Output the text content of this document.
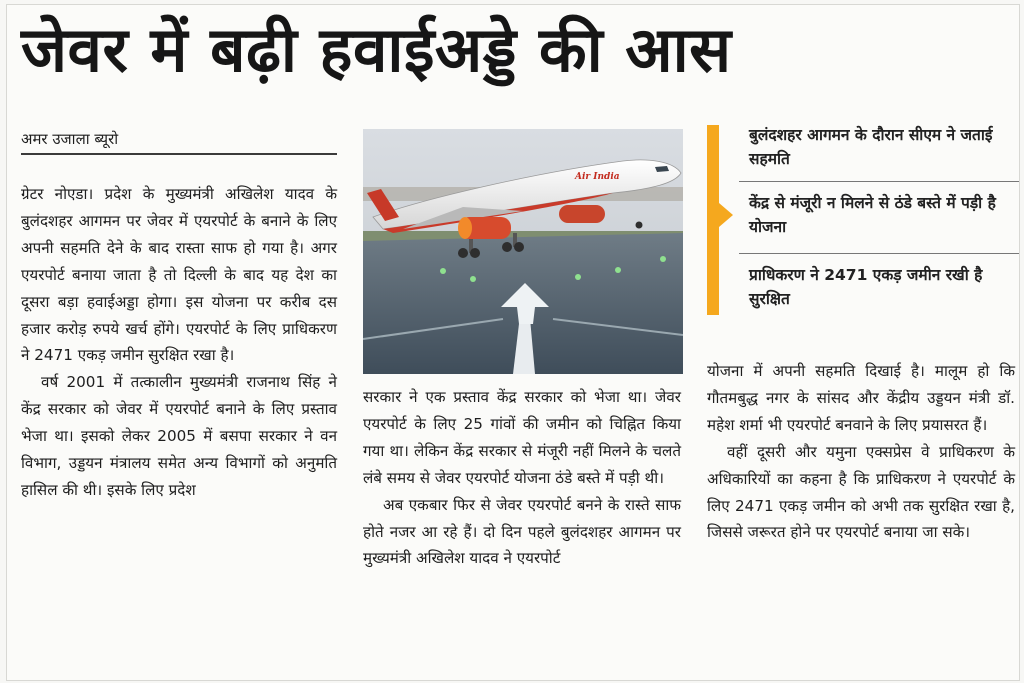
जेवर में बढ़ी हवाईअड्डे की आस
अमर उजाला ब्यूरो

ग्रेटर नोएडा। प्रदेश के मुख्यमंत्री अखिलेश यादव के बुलंदशहर आगमन पर जेवर में एयरपोर्ट के बनाने के लिए अपनी सहमति देने के बाद रास्ता साफ हो गया है। अगर एयरपोर्ट बनाया जाता है तो दिल्ली के बाद यह देश का दूसरा बड़ा हवाईअड्डा होगा। इस योजना पर करीब दस हजार करोड़ रुपये खर्च होंगे। एयरपोर्ट के लिए प्राधिकरण ने 2471 एकड़ जमीन सुरक्षित रखा है।

वर्ष 2001 में तत्कालीन मुख्यमंत्री राजनाथ सिंह ने केंद्र सरकार को जेवर में एयरपोर्ट बनाने के लिए प्रस्ताव भेजा था। इसको लेकर 2005 में बसपा सरकार ने वन विभाग, उड्डयन मंत्रालय समेत अन्य विभागों को अनुमति हासिल की थी। इसके लिए प्रदेश

Air India
बुलंदशहर आगमन के दौरान सीएम ने जताई सहमति
केंद्र से मंजूरी न मिलने से ठंडे बस्ते में पड़ी है योजना
प्राधिकरण ने 2471 एकड़ जमीन रखी है सुरक्षित

सरकार ने एक प्रस्ताव केंद्र सरकार को भेजा था। जेवर एयरपोर्ट के लिए 25 गांवों की जमीन को चिह्नित किया गया था। लेकिन केंद्र सरकार से मंजूरी नहीं मिलने के चलते लंबे समय से जेवर एयरपोर्ट योजना ठंडे बस्ते में पड़ी थी।

अब एकबार फिर से जेवर एयरपोर्ट बनने के रास्ते साफ होते नजर आ रहे हैं। दो दिन पहले बुलंदशहर आगमन पर मुख्यमंत्री अखिलेश यादव ने एयरपोर्ट

योजना में अपनी सहमति दिखाई है। मालूम हो कि गौतमबुद्ध नगर के सांसद और केंद्रीय उड्डयन मंत्री डॉ. महेश शर्मा भी एयरपोर्ट बनवाने के लिए प्रयासरत हैं।

वहीं दूसरी और यमुना एक्सप्रेस वे प्राधिकरण के अधिकारियों का कहना है कि प्राधिकरण ने एयरपोर्ट के लिए 2471 एकड़ जमीन को अभी तक सुरक्षित रखा है, जिससे जरूरत होने पर एयरपोर्ट बनाया जा सके।
